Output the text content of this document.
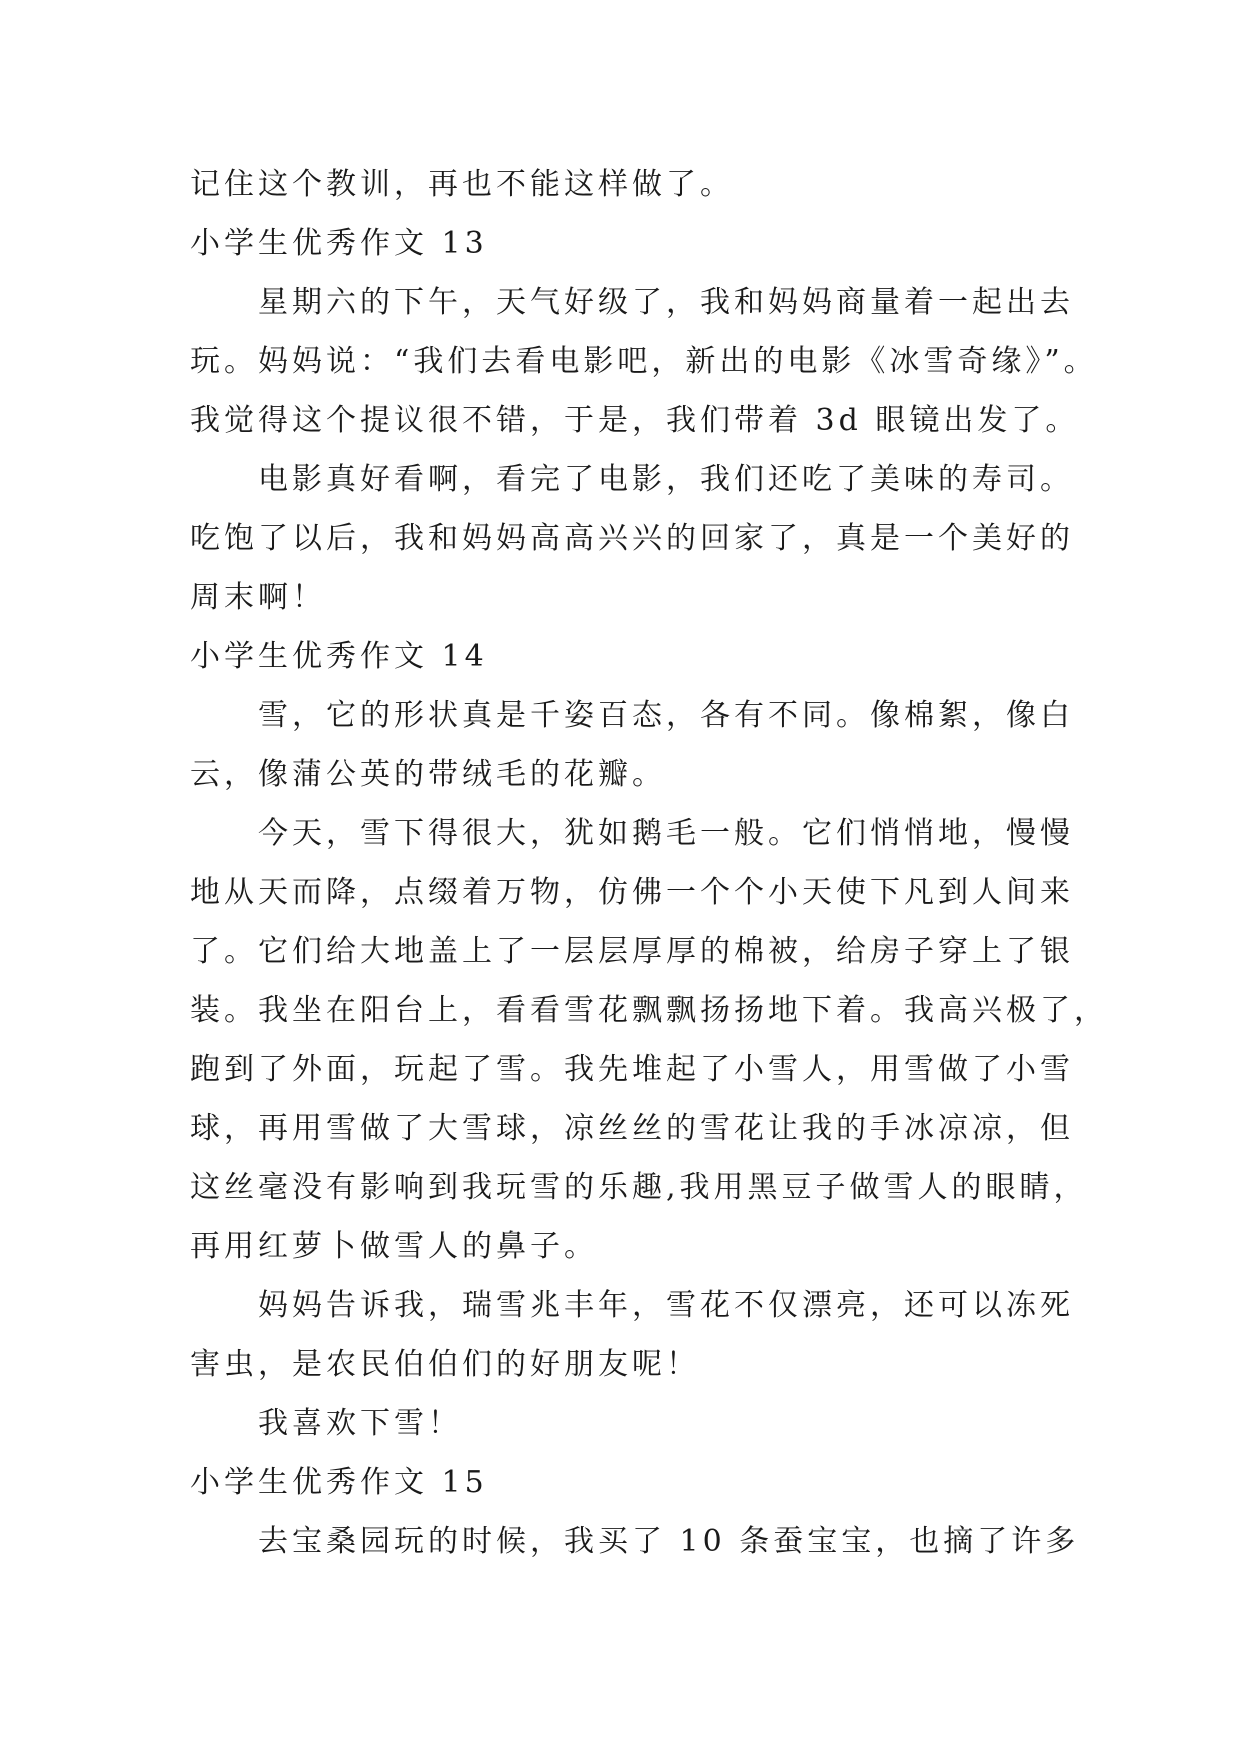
记住这个教训，再也不能这样做了。
小学生优秀作文 13
星期六的下午，天气好级了，我和妈妈商量着一起出去
玩。妈妈说：“我们去看电影吧，新出的电影《冰雪奇缘》”。
我觉得这个提议很不错，于是，我们带着 3d 眼镜出发了。
电影真好看啊，看完了电影，我们还吃了美味的寿司。
吃饱了以后，我和妈妈高高兴兴的回家了，真是一个美好的
周末啊！
小学生优秀作文 14
雪，它的形状真是千姿百态，各有不同。像棉絮，像白
云，像蒲公英的带绒毛的花瓣。
今天，雪下得很大，犹如鹅毛一般。它们悄悄地，慢慢
地从天而降，点缀着万物，仿佛一个个小天使下凡到人间来
了。它们给大地盖上了一层层厚厚的棉被，给房子穿上了银
装。我坐在阳台上，看看雪花飘飘扬扬地下着。我高兴极了，
跑到了外面，玩起了雪。我先堆起了小雪人，用雪做了小雪
球，再用雪做了大雪球，凉丝丝的雪花让我的手冰凉凉，但
这丝毫没有影响到我玩雪的乐趣,我用黑豆子做雪人的眼睛，
再用红萝卜做雪人的鼻子。
妈妈告诉我，瑞雪兆丰年，雪花不仅漂亮，还可以冻死
害虫，是农民伯伯们的好朋友呢！
我喜欢下雪！
小学生优秀作文 15
去宝桑园玩的时候，我买了 10 条蚕宝宝，也摘了许多
